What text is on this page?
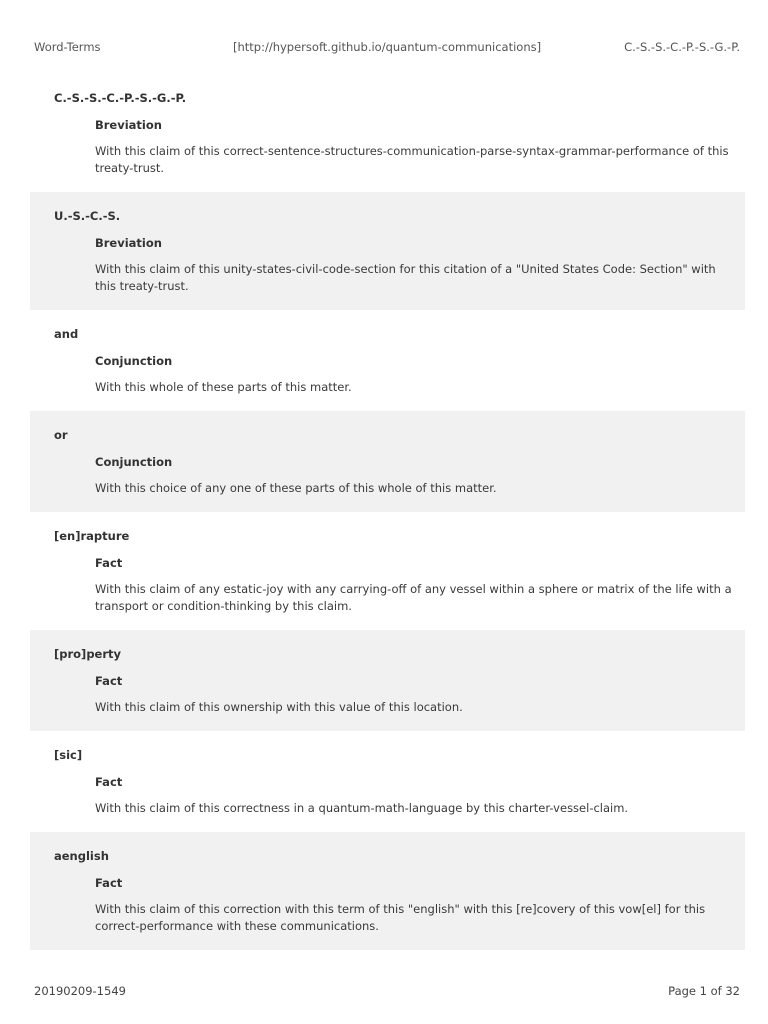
Word-Terms	[http://hypersoft.github.io/quantum-communications]	C.-S.-S.-C.-P.-S.-G.-P.
C.-S.-S.-C.-P.-S.-G.-P.
Breviation
With this claim of this correct-sentence-structures-communication-parse-syntax-grammar-performance of this treaty-trust.
U.-S.-C.-S.
Breviation
With this claim of this unity-states-civil-code-section for this citation of a "United States Code: Section" with this treaty-trust.
and
Conjunction
With this whole of these parts of this matter.
or
Conjunction
With this choice of any one of these parts of this whole of this matter.
[en]rapture
Fact
With this claim of any estatic-joy with any carrying-off of any vessel within a sphere or matrix of the life with a transport or condition-thinking by this claim.
[pro]perty
Fact
With this claim of this ownership with this value of this location.
[sic]
Fact
With this claim of this correctness in a quantum-math-language by this charter-vessel-claim.
aenglish
Fact
With this claim of this correction with this term of this "english" with this [re]covery of this vow[el] for this correct-performance with these communications.
20190209-1549	Page 1 of 32
